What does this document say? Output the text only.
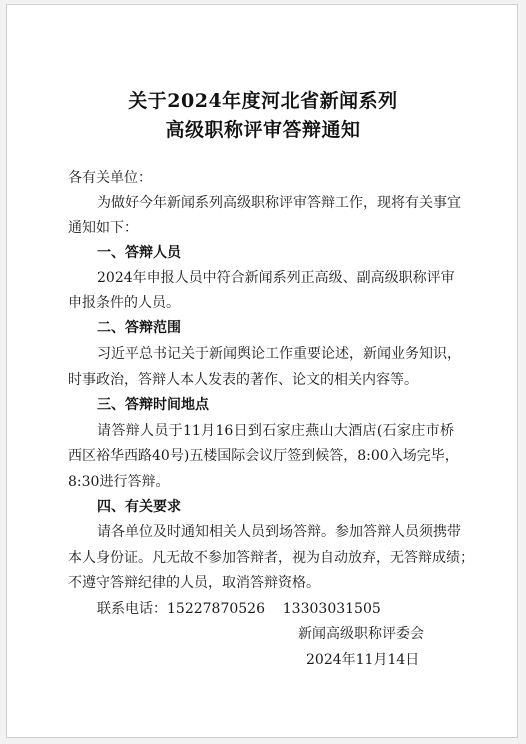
关于2024年度河北省新闻系列
高级职称评审答辩通知
各有关单位：
为做好今年新闻系列高级职称评审答辩工作，现将有关事宜
通知如下：
一、答辩人员
2024年申报人员中符合新闻系列正高级、副高级职称评审
申报条件的人员。
二、答辩范围
习近平总书记关于新闻舆论工作重要论述，新闻业务知识，
时事政治，答辩人本人发表的著作、论文的相关内容等。
三、答辩时间地点
请答辩人员于11月16日到石家庄燕山大酒店(石家庄市桥
西区裕华西路40号)五楼国际会议厅签到候答，8:00入场完毕，
8:30进行答辩。
四、有关要求
请各单位及时通知相关人员到场答辩。参加答辩人员须携带
本人身份证。凡无故不参加答辩者，视为自动放弃，无答辩成绩；
不遵守答辩纪律的人员，取消答辩资格。
联系电话：15227870526    13303031505
新闻高级职称评委会
2024年11月14日
